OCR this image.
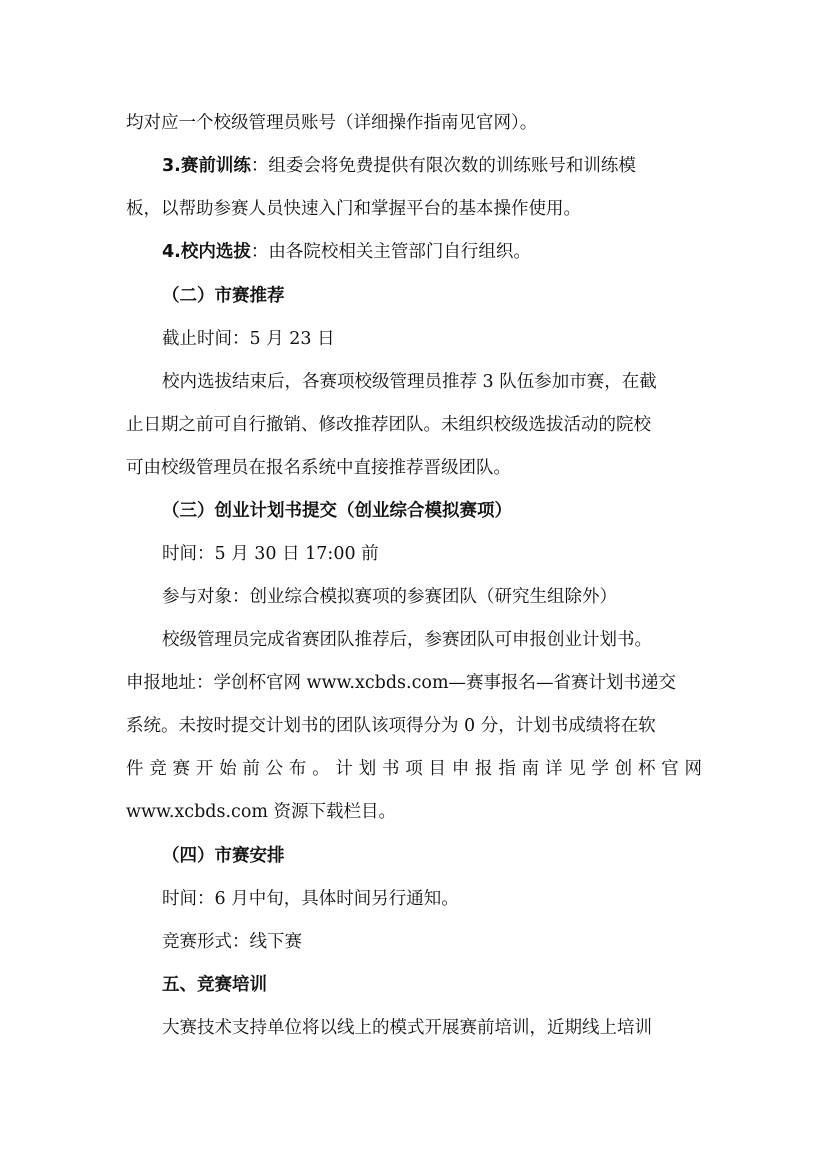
均对应一个校级管理员账号（详细操作指南见官网）。
3.赛前训练：组委会将免费提供有限次数的训练账号和训练模
板，以帮助参赛人员快速入门和掌握平台的基本操作使用。
4.校内选拔：由各院校相关主管部门自行组织。
（二）市赛推荐
截止时间：5 月 23 日
校内选拔结束后，各赛项校级管理员推荐 3 队伍参加市赛，在截
止日期之前可自行撤销、修改推荐团队。未组织校级选拔活动的院校
可由校级管理员在报名系统中直接推荐晋级团队。
（三）创业计划书提交（创业综合模拟赛项）
时间：5 月 30 日 17:00 前
参与对象：创业综合模拟赛项的参赛团队（研究生组除外）
校级管理员完成省赛团队推荐后，参赛团队可申报创业计划书。
申报地址：学创杯官网 www.xcbds.com—赛事报名—省赛计划书递交
系统。未按时提交计划书的团队该项得分为 0 分，计划书成绩将在软
件竞赛开始前公布。计划书项目申报指南详见学创杯官网
www.xcbds.com 资源下载栏目。
（四）市赛安排
时间：6 月中旬，具体时间另行通知。
竞赛形式：线下赛
五、竞赛培训
大赛技术支持单位将以线上的模式开展赛前培训，近期线上培训
